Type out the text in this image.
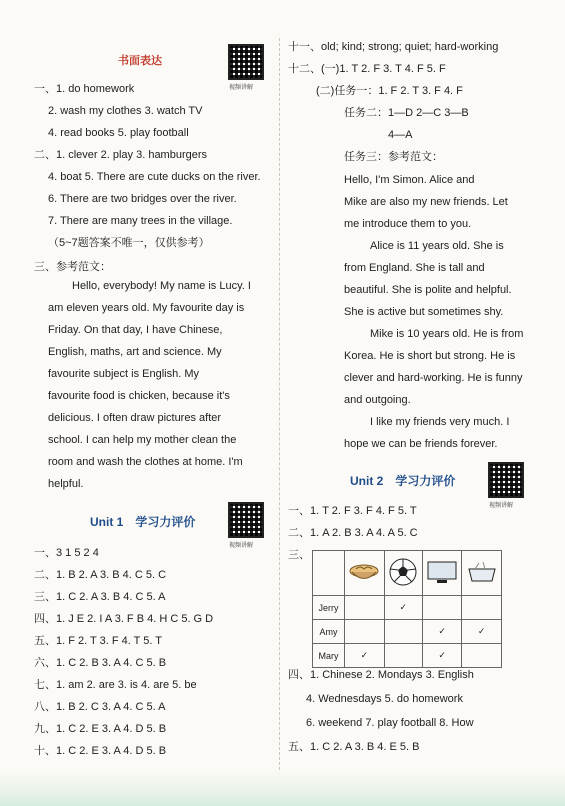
书面表达
视频讲解
一、1. do homework
2. wash my clothes 3. watch TV
4. read books 5. play football
二、1. clever 2. play 3. hamburgers
4. boat 5. There are cute ducks on the river.
6. There are two bridges over the river.
7. There are many trees in the village.
（5~7题答案不唯一，仅供参考）
三、参考范文：
Hello, everybody! My name is Lucy. I
am eleven years old. My favourite day is
Friday. On that day, I have Chinese,
English, maths, art and science. My
favourite subject is English. My
favourite food is chicken, because it's
delicious. I often draw pictures after
school. I can help my mother clean the
room and wash the clothes at home. I'm
helpful.
Unit 1 学习力评价
视频讲解
一、3 1 5 2 4
二、1. B 2. A 3. B 4. C 5. C
三、1. C 2. A 3. B 4. C 5. A
四、1. J E 2. I A 3. F B 4. H C 5. G D
五、1. F 2. T 3. F 4. T 5. T
六、1. C 2. B 3. A 4. C 5. B
七、1. am 2. are 3. is 4. are 5. be
八、1. B 2. C 3. A 4. C 5. A
九、1. C 2. E 3. A 4. D 5. B
十、1. C 2. E 3. A 4. D 5. B
十一、old; kind; strong; quiet; hard-working
十二、(一)1. T 2. F 3. T 4. F 5. F
(二)任务一：1. F 2. T 3. F 4. F
任务二：1—D 2—C 3—B
4—A
任务三：参考范文：
Hello, I'm Simon. Alice and
Mike are also my new friends. Let
me introduce them to you.
Alice is 11 years old. She is
from England. She is tall and
beautiful. She is polite and helpful.
She is active but sometimes shy.
Mike is 10 years old. He is from
Korea. He is short but strong. He is
clever and hard-working. He is funny
and outgoing.
I like my friends very much. I
hope we can be friends forever.
Unit 2 学习力评价
视频讲解
一、1. T 2. F 3. F 4. F 5. T
二、1. A 2. B 3. A 4. A 5. C
三、

Jerry		✓		
Amy			✓	✓
Mary	✓		✓	
四、1. Chinese 2. Mondays 3. English
4. Wednesdays 5. do homework
6. weekend 7. play football 8. How
五、1. C 2. A 3. B 4. E 5. B
